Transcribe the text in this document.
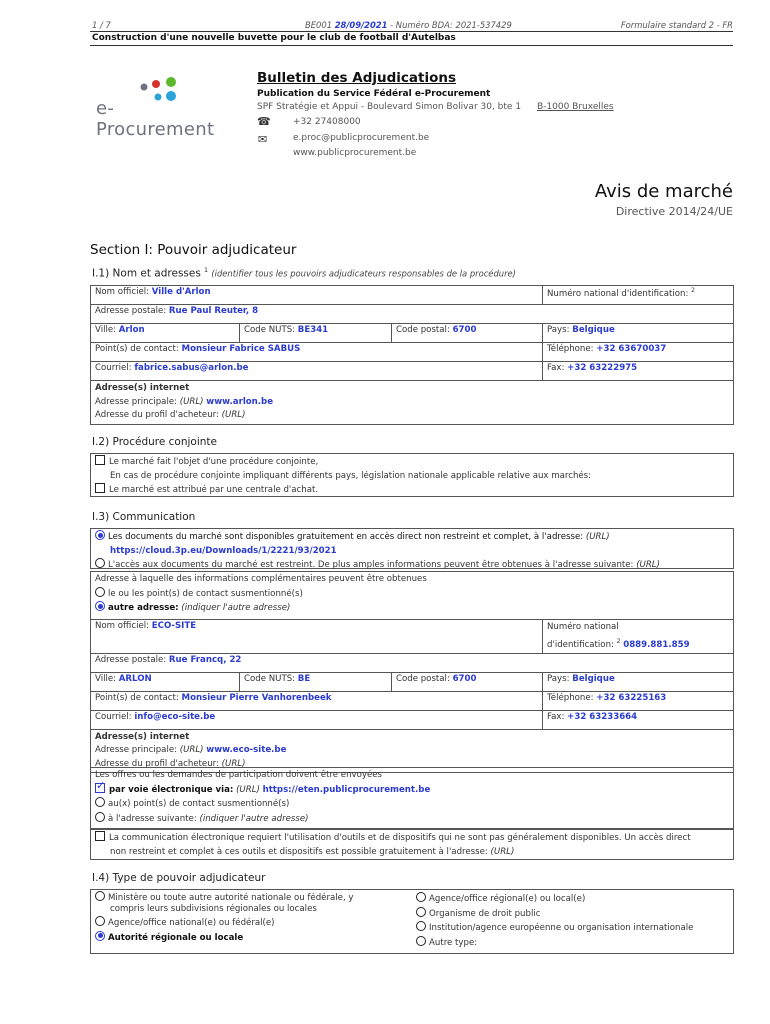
1 / 7	BE001 28/09/2021 - Numéro BDA: 2021-537429	Formulaire standard 2 - FR
Construction d'une nouvelle buvette pour le club de football d'Autelbas
e-Procurement
Bulletin des Adjudications
Publication du Service Fédéral e-Procurement
SPF Stratégie et Appui - Boulevard Simon Bolivar 30, bte 1 B-1000 Bruxelles
☎ +32 27408000
✉	e.proc@publicprocurement.be
www.publicprocurement.be
Avis de marché
Directive 2014/24/UE
Section I: Pouvoir adjudicateur
I.1) Nom et adresses $^1$ (identifier tous les pouvoirs adjudicateurs responsables de la procédure)
Nom officiel: Ville d'Arlon			Numéro national d'identification: $^2$
Adresse postale: Rue Paul Reuter, 8			
Ville: Arlon	Code NUTS: BE341	Code postal: 6700	Pays: Belgique
Point(s) de contact: Monsieur Fabrice SABUS			Téléphone: +32 63670037
Courriel: fabrice.sabus@arlon.be			Fax: +32 63222975
Adresse(s) internet
Adresse principale: (URL) www.arlon.be
Adresse du profil d'acheteur: (URL)			
I.2) Procédure conjointe
Le marché fait l'objet d'une procédure conjointe,
En cas de procédure conjointe impliquant différents pays, législation nationale applicable relative aux marchés:
Le marché est attribué par une centrale d'achat.
I.3) Communication
Les documents du marché sont disponibles gratuitement en accès direct non restreint et complet, à l'adresse: (URL)
https://cloud.3p.eu/Downloads/1/2221/93/2021
L'accès aux documents du marché est restreint. De plus amples informations peuvent être obtenues à l'adresse suivante: (URL)
Adresse à laquelle des informations complémentaires peuvent être obtenues
le ou les point(s) de contact susmentionné(s)
autre adresse: (indiquer l'autre adresse)
Nom officiel: ECO-SITE			Numéro national
d'identification: $^2$ 0889.881.859
Adresse postale: Rue Francq, 22			
Ville: ARLON	Code NUTS: BE	Code postal: 6700	Pays: Belgique
Point(s) de contact: Monsieur Pierre Vanhorenbeek			Téléphone: +32 63225163
Courriel: info@eco-site.be			Fax: +32 63233664
Adresse(s) internet
Adresse principale: (URL) www.eco-site.be
Adresse du profil d'acheteur: (URL)			
Les offres ou les demandes de participation doivent être envoyées
✓par voie électronique via: (URL) https://eten.publicprocurement.be
au(x) point(s) de contact susmentionné(s)
à l'adresse suivante: (indiquer l'autre adresse)
La communication électronique requiert l'utilisation d'outils et de dispositifs qui ne sont pas généralement disponibles. Un accès direct
non restreint et complet à ces outils et dispositifs est possible gratuitement à l'adresse: (URL)
I.4) Type de pouvoir adjudicateur
Ministère ou toute autre autorité nationale ou fédérale, y
compris leurs subdivisions régionales ou locales
Agence/office national(e) ou fédéral(e)
Autorité régionale ou locale
Agence/office régional(e) ou local(e)
Organisme de droit public
Institution/agence européenne ou organisation internationale
Autre type:
